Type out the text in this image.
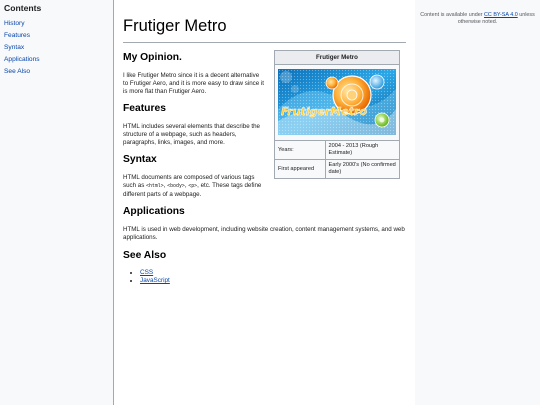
Contents
History
Features
Syntax
Applications
See Also
Frutiger Metro
My Opinion.

I like Frutiger Metro since it is a decent alternative to Frutiger Aero, and it is more easy to draw since it is more flat than Frutiger Aero.

Features

HTML includes several elements that describe the structure of a webpage, such as headers, paragraphs, links, images, and more.

Syntax

HTML documents are composed of various tags such as <html>, <body>, <p>, etc. These tags define different parts of a webpage.

Applications

HTML is used in web development, including website creation, content management systems, and web applications.

See Also
• CSS
• JavaScript
Frutiger Metro
FrutigerMetro
Years:	2004 - 2013 (Rough Estimate)
First appeared	Early 2000's (No confirmed date)
Content is available under CC BY-SA 4.0 unless otherwise noted.
